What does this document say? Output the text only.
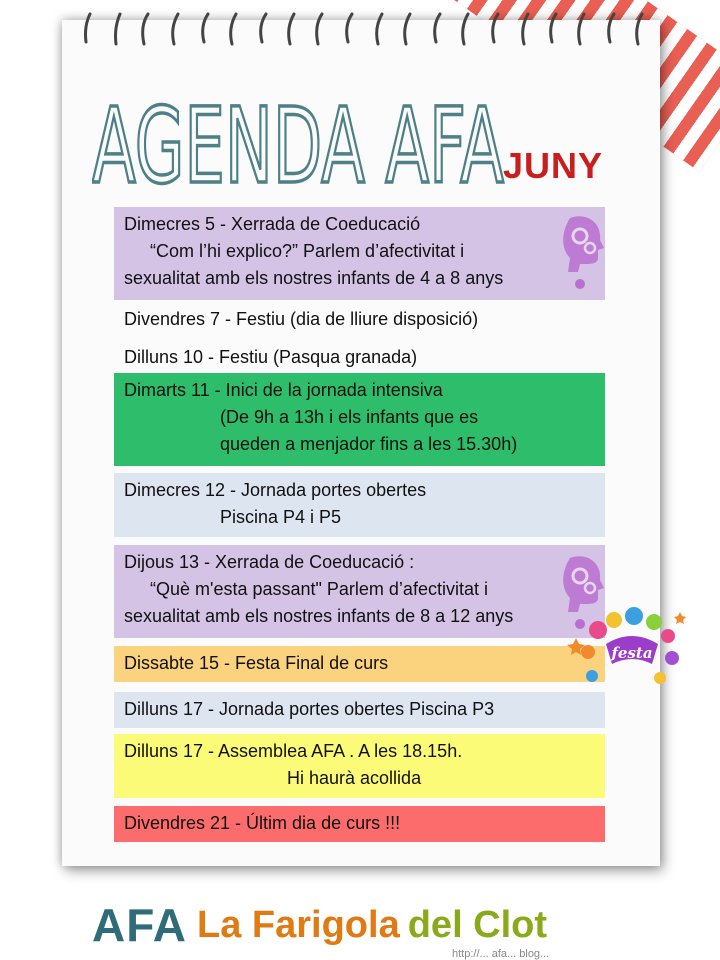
AGENDA AFA
JUNY
Dimecres 5 - Xerrada de Coeducació
“Com l’hi explico?” Parlem d’afectivitat i
sexualitat amb els nostres infants de 4 a 8 anys
Divendres 7 - Festiu (dia de lliure disposició)
Dilluns 10 - Festiu (Pasqua granada)
Dimarts 11 - Inici de la jornada intensiva
(De 9h a 13h i els infants que es
queden a menjador fins a les 15.30h)
Dimecres 12 - Jornada portes obertes
Piscina P4 i P5
Dijous 13 - Xerrada de Coeducació :
“Què m'esta passant" Parlem d’afectivitat i
sexualitat amb els nostres infants de 8 a 12 anys
Dissabte 15 - Festa Final de curs	festa
Dilluns 17 - Jornada portes obertes Piscina P3
Dilluns 17 - Assemblea AFA . A les 18.15h.
Hi haurà acollida
Divendres 21 - Últim dia de curs !!!
AFA La Farigola del Clot
http://... afa... blog...
